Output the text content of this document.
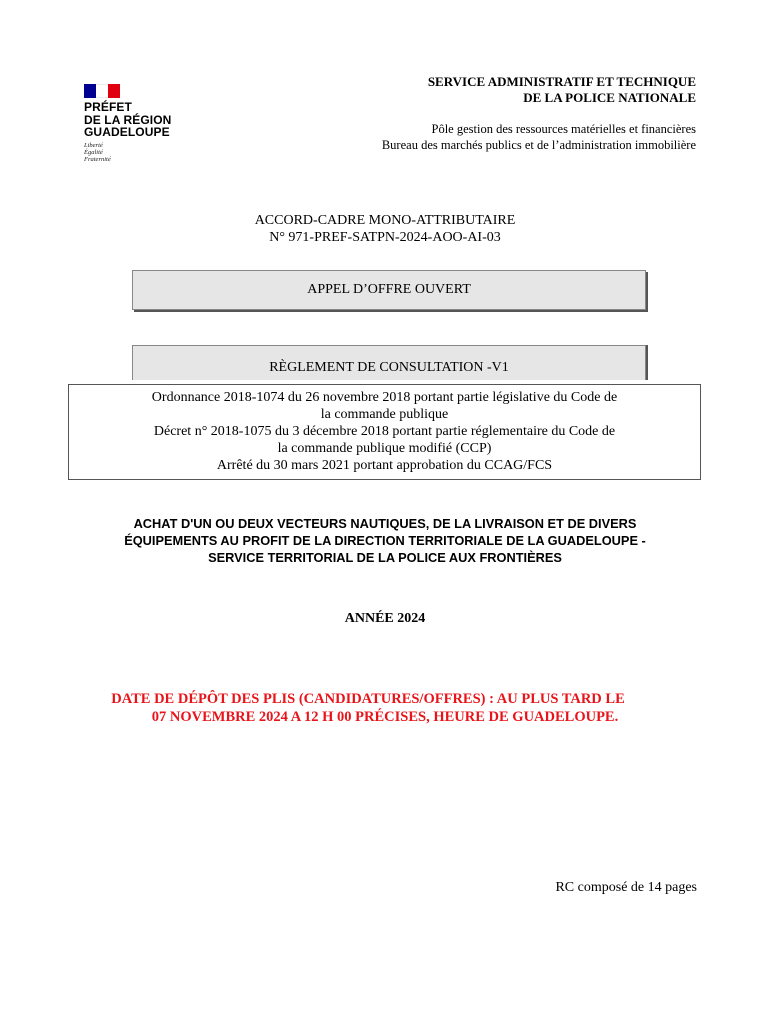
PRÉFET
DE LA RÉGION
GUADELOUPE
Liberté
Égalité
Fraternité
SERVICE ADMINISTRATIF ET TECHNIQUE
DE LA POLICE NATIONALE
Pôle gestion des ressources matérielles et financières
Bureau des marchés publics et de l’administration immobilière
ACCORD-CADRE MONO-ATTRIBUTAIRE
N° 971-PREF-SATPN-2024-AOO-AI-03
APPEL D’OFFRE OUVERT
RÈGLEMENT DE CONSULTATION -V1
Ordonnance 2018-1074 du 26 novembre 2018 portant partie législative du Code de
la commande publique
Décret n° 2018-1075 du 3 décembre 2018 portant partie réglementaire du Code de
la commande publique modifié (CCP)
Arrêté du 30 mars 2021 portant approbation du CCAG/FCS
ACHAT D'UN OU DEUX VECTEURS NAUTIQUES, DE LA LIVRAISON ET DE DIVERS
ÉQUIPEMENTS AU PROFIT DE LA DIRECTION TERRITORIALE DE LA GUADELOUPE -
SERVICE TERRITORIAL DE LA POLICE AUX FRONTIÈRES
ANNÉE 2024
DATE DE DÉPÔT DES PLIS (CANDIDATURES/OFFRES) : AU PLUS TARD LE
07 NOVEMBRE 2024 A 12 H 00 PRÉCISES, HEURE DE GUADELOUPE.
RC composé de 14 pages
